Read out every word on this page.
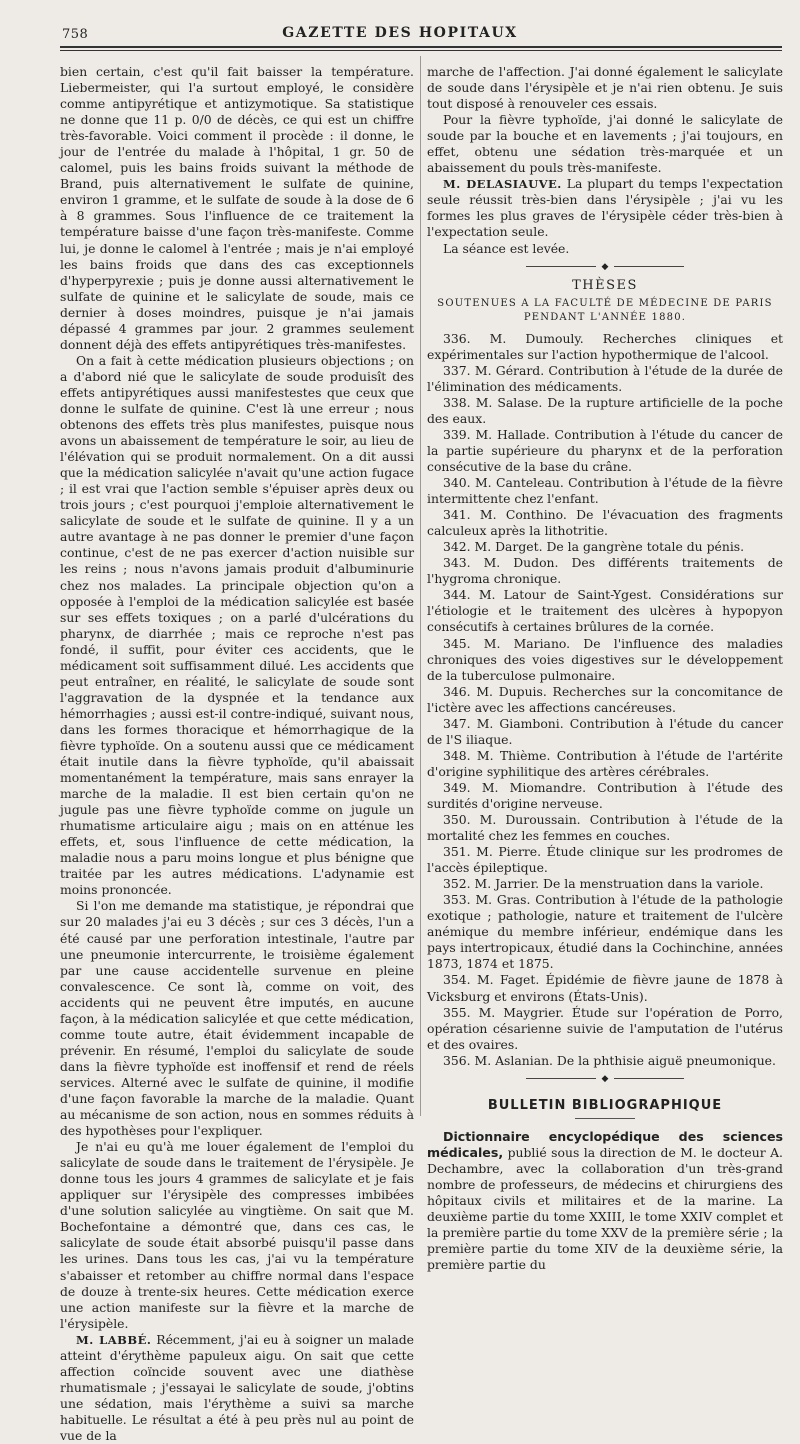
758	GAZETTE DES HOPITAUX

bien certain, c'est qu'il fait baisser la température. Liebermeister, qui l'a surtout employé, le considère comme antipyrétique et antizymotique. Sa statistique ne donne que 11 p. 0/0 de décès, ce qui est un chiffre très-favorable. Voici comment il procède : il donne, le jour de l'entrée du malade à l'hôpital, 1 gr. 50 de calomel, puis les bains froids suivant la méthode de Brand, puis alternativement le sulfate de quinine, environ 1 gramme, et le sulfate de soude à la dose de 6 à 8 grammes. Sous l'influence de ce traitement la température baisse d'une façon très-manifeste. Comme lui, je donne le calomel à l'entrée ; mais je n'ai employé les bains froids que dans des cas exceptionnels d'hyperpyrexie ; puis je donne aussi alternativement le sulfate de quinine et le salicylate de soude, mais ce dernier à doses moindres, puisque je n'ai jamais dépassé 4 grammes par jour. 2 grammes seulement donnent déjà des effets antipyrétiques très-manifestes.

On a fait à cette médication plusieurs objections ; on a d'abord nié que le salicylate de soude produisît des effets antipyrétiques aussi manifestestes que ceux que donne le sulfate de quinine. C'est là une erreur ; nous obtenons des effets très plus manifestes, puisque nous avons un abaissement de température le soir, au lieu de l'élévation qui se produit normalement. On a dit aussi que la médication salicylée n'avait qu'une action fugace ; il est vrai que l'action semble s'épuiser après deux ou trois jours ; c'est pourquoi j'emploie alternativement le salicylate de soude et le sulfate de quinine. Il y a un autre avantage à ne pas donner le premier d'une façon continue, c'est de ne pas exercer d'action nuisible sur les reins ; nous n'avons jamais produit d'albuminurie chez nos malades. La principale objection qu'on a opposée à l'emploi de la médication salicylée est basée sur ses effets toxiques ; on a parlé d'ulcérations du pharynx, de diarrhée ; mais ce reproche n'est pas fondé, il suffit, pour éviter ces accidents, que le médicament soit suffisamment dilué. Les accidents que peut entraîner, en réalité, le salicylate de soude sont l'aggravation de la dyspnée et la tendance aux hémorrhagies ; aussi est-il contre-indiqué, suivant nous, dans les formes thoracique et hémorrhagique de la fièvre typhoïde. On a soutenu aussi que ce médicament était inutile dans la fièvre typhoïde, qu'il abaissait momentanément la température, mais sans enrayer la marche de la maladie. Il est bien certain qu'on ne jugule pas une fièvre typhoïde comme on jugule un rhumatisme articulaire aigu ; mais on en atténue les effets, et, sous l'influence de cette médication, la maladie nous a paru moins longue et plus bénigne que traitée par les autres médications. L'adynamie est moins prononcée.

Si l'on me demande ma statistique, je répondrai que sur 20 malades j'ai eu 3 décès ; sur ces 3 décès, l'un a été causé par une perforation intestinale, l'autre par une pneumonie intercurrente, le troisième également par une cause accidentelle survenue en pleine convalescence. Ce sont là, comme on voit, des accidents qui ne peuvent être imputés, en aucune façon, à la médication salicylée et que cette médication, comme toute autre, était évidemment incapable de prévenir. En résumé, l'emploi du salicylate de soude dans la fièvre typhoïde est inoffensif et rend de réels services. Alterné avec le sulfate de quinine, il modifie d'une façon favorable la marche de la maladie. Quant au mécanisme de son action, nous en sommes réduits à des hypothèses pour l'expliquer.

Je n'ai eu qu'à me louer également de l'emploi du salicylate de soude dans le traitement de l'érysipèle. Je donne tous les jours 4 grammes de salicylate et je fais appliquer sur l'érysipèle des compresses imbibées d'une solution salicylée au vingtième. On sait que M. Bochefontaine a démontré que, dans ces cas, le salicylate de soude était absorbé puisqu'il passe dans les urines. Dans tous les cas, j'ai vu la température s'abaisser et retomber au chiffre normal dans l'espace de douze à trente-six heures. Cette médication exerce une action manifeste sur la fièvre et la marche de l'érysipèle.

M. LABBÉ. Récemment, j'ai eu à soigner un malade atteint d'érythème papuleux aigu. On sait que cette affection coïncide souvent avec une diathèse rhumatismale ; j'essayai le salicylate de soude, j'obtins une sédation, mais l'érythème a suivi sa marche habituelle. Le résultat a été à peu près nul au point de vue de la

marche de l'affection. J'ai donné également le salicylate de soude dans l'érysipèle et je n'ai rien obtenu. Je suis tout disposé à renouveler ces essais.

Pour la fièvre typhoïde, j'ai donné le salicylate de soude par la bouche et en lavements ; j'ai toujours, en effet, obtenu une sédation très-marquée et un abaissement du pouls très-manifeste.

M. DELASIAUVE. La plupart du temps l'expectation seule réussit très-bien dans l'érysipèle ; j'ai vu les formes les plus graves de l'érysipèle céder très-bien à l'expectation seule.

La séance est levée.

◆
THÈSES
SOUTENUES A LA FACULTÉ DE MÉDECINE DE PARIS
PENDANT L'ANNÉE 1880.

336. M. Dumouly. Recherches cliniques et expérimentales sur l'action hypothermique de l'alcool.

337. M. Gérard. Contribution à l'étude de la durée de l'élimination des médicaments.

338. M. Salase. De la rupture artificielle de la poche des eaux.

339. M. Hallade. Contribution à l'étude du cancer de la partie supérieure du pharynx et de la perforation consécutive de la base du crâne.

340. M. Canteleau. Contribution à l'étude de la fièvre intermittente chez l'enfant.

341. M. Conthino. De l'évacuation des fragments calculeux après la lithotritie.

342. M. Darget. De la gangrène totale du pénis.

343. M. Dudon. Des différents traitements de l'hygroma chronique.

344. M. Latour de Saint-Ygest. Considérations sur l'étiologie et le traitement des ulcères à hypopyon consécutifs à certaines brûlures de la cornée.

345. M. Mariano. De l'influence des maladies chroniques des voies digestives sur le développement de la tuberculose pulmonaire.

346. M. Dupuis. Recherches sur la concomitance de l'ictère avec les affections cancéreuses.

347. M. Giamboni. Contribution à l'étude du cancer de l'S iliaque.

348. M. Thième. Contribution à l'étude de l'artérite d'origine syphilitique des artères cérébrales.

349. M. Miomandre. Contribution à l'étude des surdités d'origine nerveuse.

350. M. Duroussain. Contribution à l'étude de la mortalité chez les femmes en couches.

351. M. Pierre. Étude clinique sur les prodromes de l'accès épileptique.

352. M. Jarrier. De la menstruation dans la variole.

353. M. Gras. Contribution à l'étude de la pathologie exotique ; pathologie, nature et traitement de l'ulcère anémique du membre inférieur, endémique dans les pays intertropicaux, étudié dans la Cochinchine, années 1873, 1874 et 1875.

354. M. Faget. Épidémie de fièvre jaune de 1878 à Vicksburg et environs (États-Unis).

355. M. Maygrier. Étude sur l'opération de Porro, opération césarienne suivie de l'amputation de l'utérus et des ovaires.

356. M. Aslanian. De la phthisie aiguë pneumonique.

◆
BULLETIN BIBLIOGRAPHIQUE

Dictionnaire encyclopédique des sciences médicales, publié sous la direction de M. le docteur A. Dechambre, avec la collaboration d'un très-grand nombre de professeurs, de médecins et chirurgiens des hôpitaux civils et militaires et de la marine. La deuxième partie du tome XXIII, le tome XXIV complet et la première partie du tome XXV de la première série ; la première partie du tome XIV de la deuxième série, la première partie du
